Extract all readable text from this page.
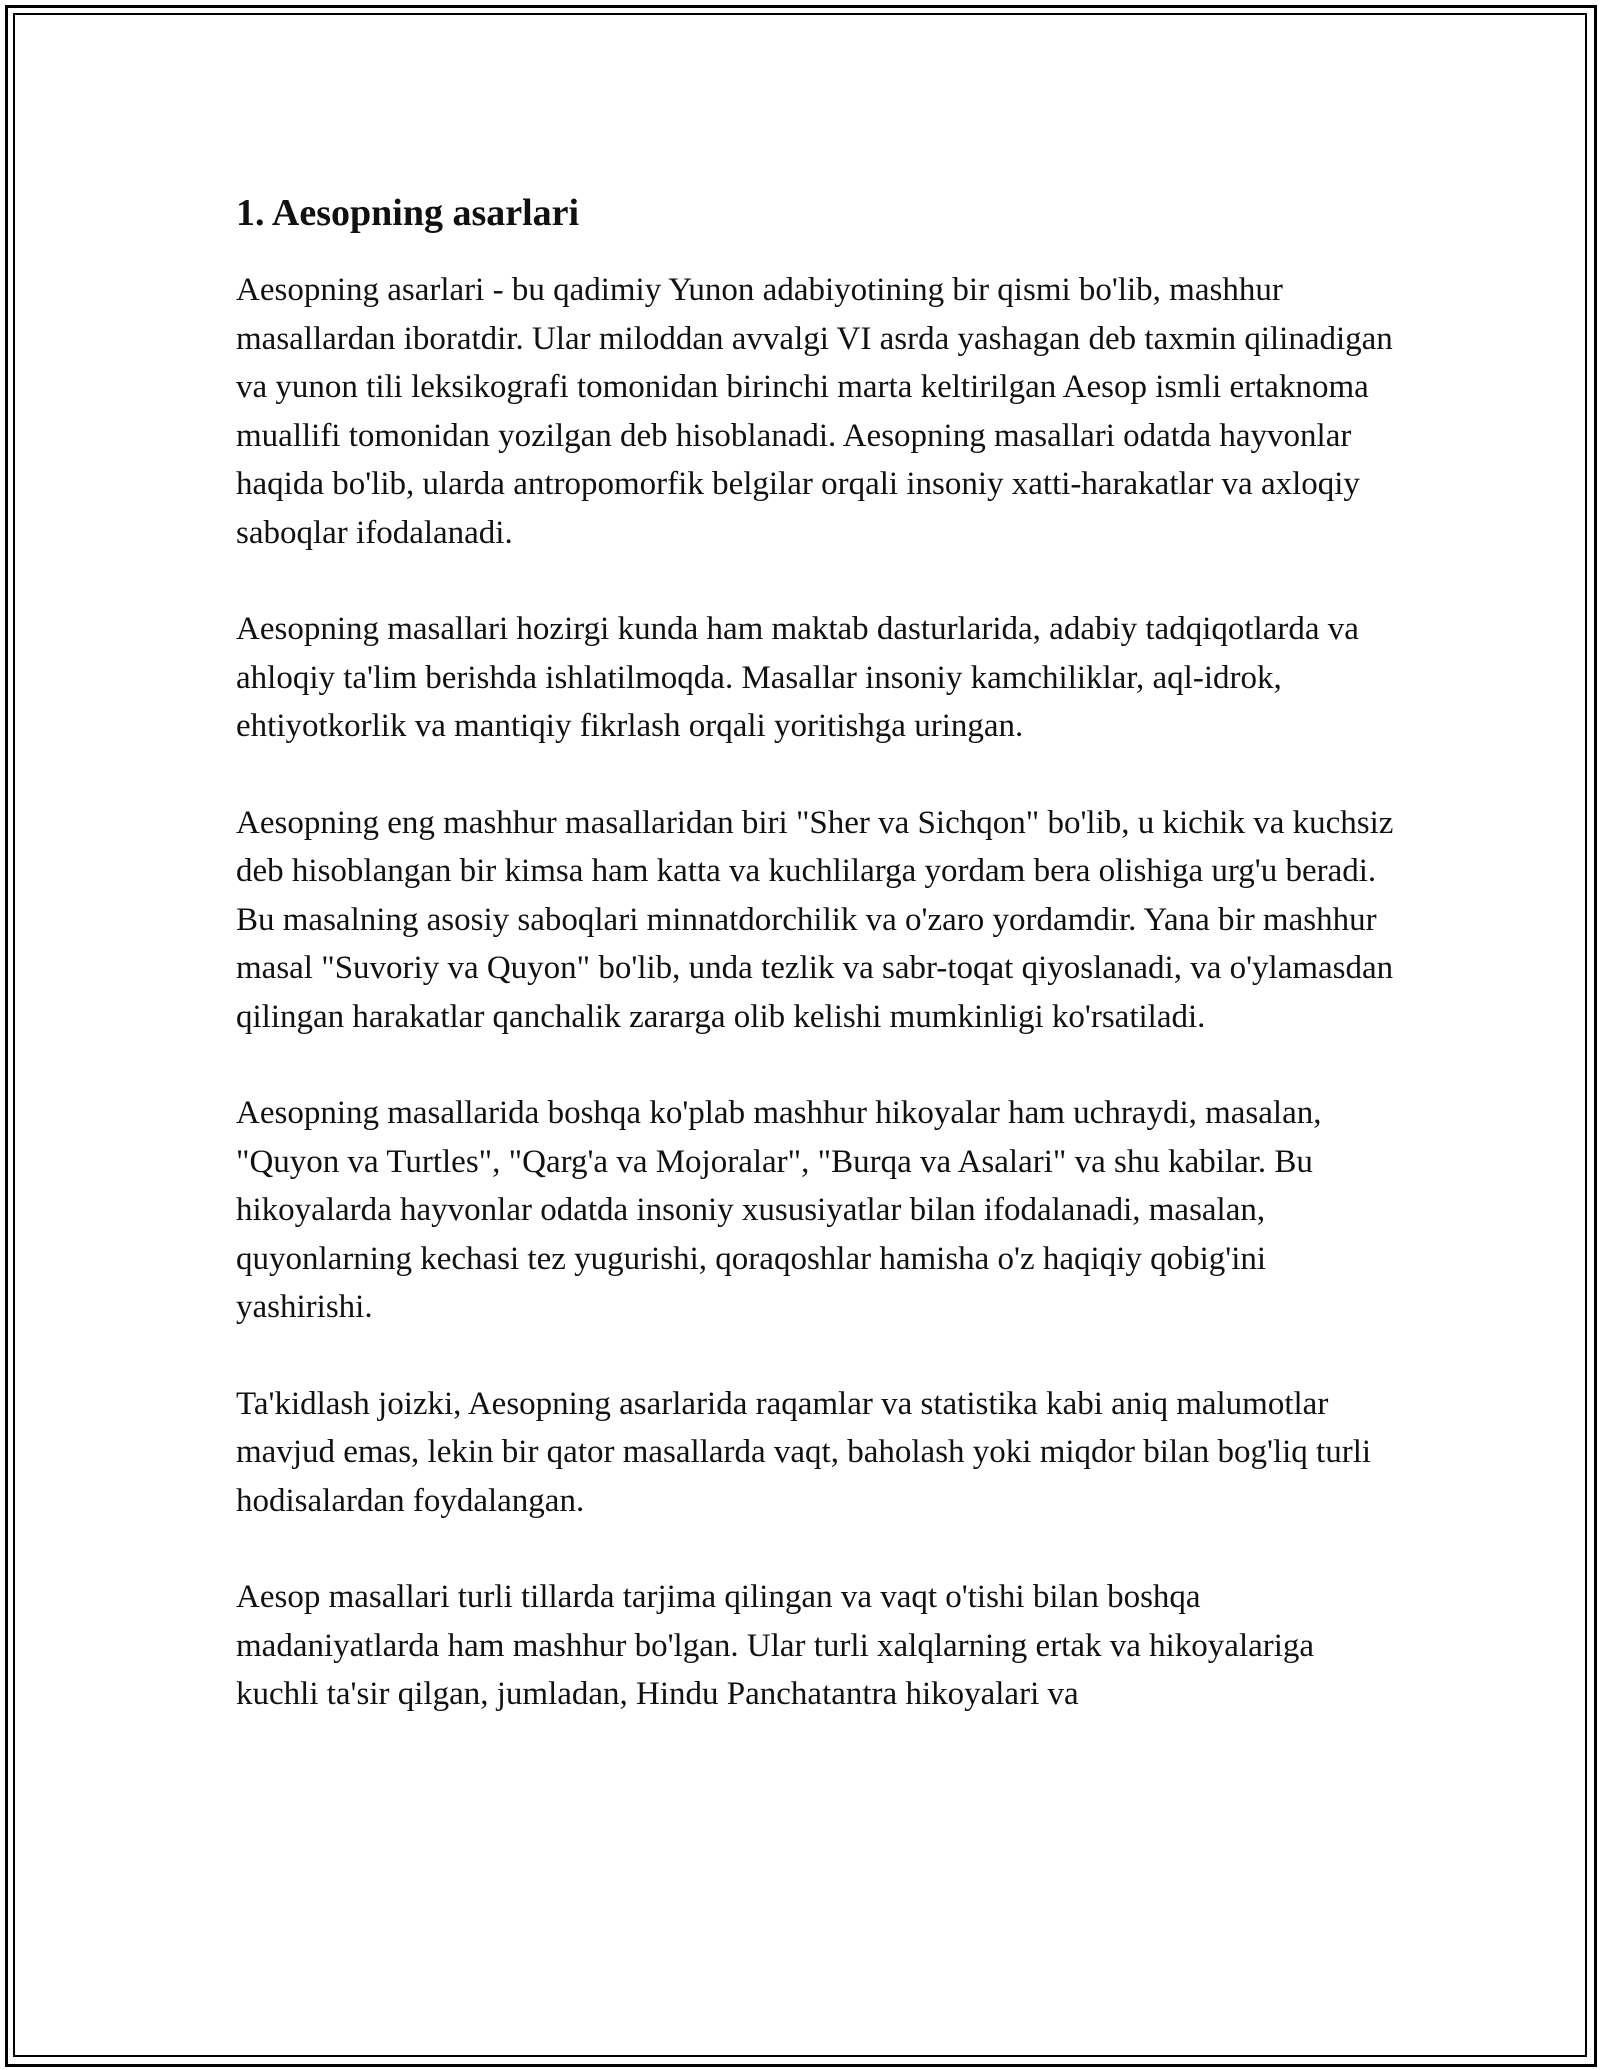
1. Aesopning asarlari

Aesopning asarlari - bu qadimiy Yunon adabiyotining bir qismi bo'lib, mashhur masallardan iboratdir. Ular miloddan avvalgi VI asrda yashagan deb taxmin qilinadigan va yunon tili leksikografi tomonidan birinchi marta keltirilgan Aesop ismli ertaknoma muallifi tomonidan yozilgan deb hisoblanadi. Aesopning masallari odatda hayvonlar haqida bo'lib, ularda antropomorfik belgilar orqali insoniy xatti-harakatlar va axloqiy saboqlar ifodalanadi.

Aesopning masallari hozirgi kunda ham maktab dasturlarida, adabiy tadqiqotlarda va ahloqiy ta'lim berishda ishlatilmoqda. Masallar insoniy kamchiliklar, aql-idrok, ehtiyotkorlik va mantiqiy fikrlash orqali yoritishga uringan.

Aesopning eng mashhur masallaridan biri "Sher va Sichqon" bo'lib, u kichik va kuchsiz deb hisoblangan bir kimsa ham katta va kuchlilarga yordam bera olishiga urg'u beradi. Bu masalning asosiy saboqlari minnatdorchilik va o'zaro yordamdir. Yana bir mashhur masal "Suvoriy va Quyon" bo'lib, unda tezlik va sabr-toqat qiyoslanadi, va o'ylamasdan qilingan harakatlar qanchalik zararga olib kelishi mumkinligi ko'rsatiladi.

Aesopning masallarida boshqa ko'plab mashhur hikoyalar ham uchraydi, masalan, "Quyon va Turtles", "Qarg'a va Mojoralar", "Burqa va Asalari" va shu kabilar. Bu hikoyalarda hayvonlar odatda insoniy xususiyatlar bilan ifodalanadi, masalan, quyonlarning kechasi tez yugurishi, qoraqoshlar hamisha o'z haqiqiy qobig'ini yashirishi.

Ta'kidlash joizki, Aesopning asarlarida raqamlar va statistika kabi aniq malumotlar mavjud emas, lekin bir qator masallarda vaqt, baholash yoki miqdor bilan bog'liq turli hodisalardan foydalangan.

Aesop masallari turli tillarda tarjima qilingan va vaqt o'tishi bilan boshqa madaniyatlarda ham mashhur bo'lgan. Ular turli xalqlarning ertak va hikoyalariga kuchli ta'sir qilgan, jumladan, Hindu Panchatantra hikoyalari va
